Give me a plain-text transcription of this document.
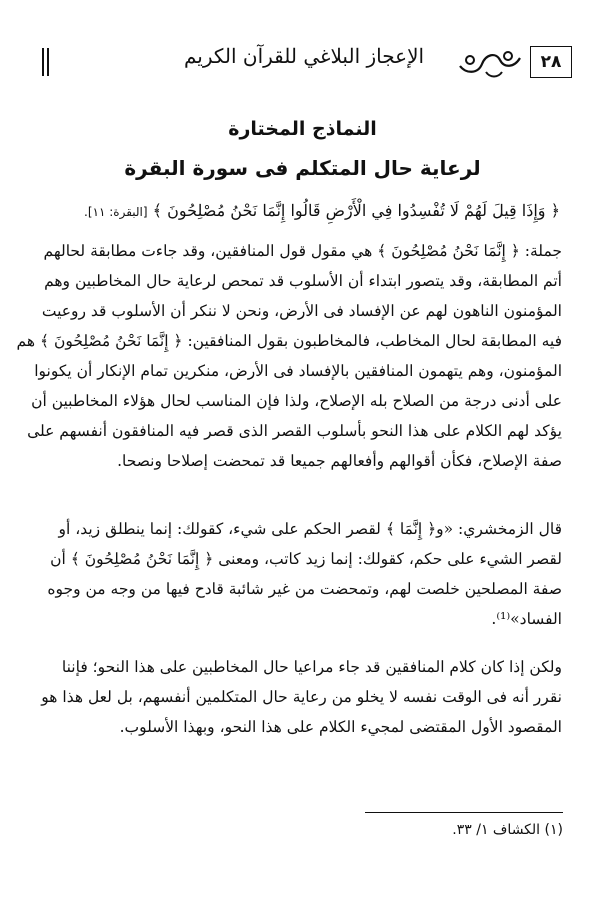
الإعجاز البلاغي للقرآن الكريم	٢٨
النماذج المختارة
لرعاية حال المتكلم فى سورة البقرة
﴿ وَإِذَا قِيلَ لَهُمْ لَا تُفْسِدُوا فِي الْأَرْضِ قَالُوا إِنَّمَا نَحْنُ مُصْلِحُونَ ﴾ [البقرة: ١١].
جملة: ﴿ إِنَّمَا نَحْنُ مُصْلِحُونَ ﴾ هي مقول قول المنافقين، وقد جاءت مطابقة لحالهم
أتم المطابقة، وقد يتصور ابتداء أن الأسلوب قد تمحص لرعاية حال المخاطبين وهم
المؤمنون الناهون لهم عن الإفساد فى الأرض، ونحن لا ننكر أن الأسلوب قد روعيت
فيه المطابقة لحال المخاطب، فالمخاطبون بقول المنافقين: ﴿ إِنَّمَا نَحْنُ مُصْلِحُونَ ﴾ هم
المؤمنون، وهم يتهمون المنافقين بالإفساد فى الأرض، منكرين تمام الإنكار أن يكونوا
على أدنى درجة من الصلاح بله الإصلاح، ولذا فإن المناسب لحال هؤلاء المخاطبين أن
يؤكد لهم الكلام على هذا النحو بأسلوب القصر الذى قصر فيه المنافقون أنفسهم على
صفة الإصلاح، فكأن أقوالهم وأفعالهم جميعا قد تمحضت إصلاحا ونصحا.
قال الزمخشري: «و﴿ إِنَّمَا ﴾ لقصر الحكم على شيء، كقولك: إنما ينطلق زيد، أو
لقصر الشيء على حكم، كقولك: إنما زيد كاتب، ومعنى ﴿ إِنَّمَا نَحْنُ مُصْلِحُونَ ﴾ أن
صفة المصلحين خلصت لهم، وتمحضت من غير شائبة قادح فيها من وجه من وجوه
الفساد»⁽¹⁾.
ولكن إذا كان كلام المنافقين قد جاء مراعيا حال المخاطبين على هذا النحو؛ فإننا
نقرر أنه فى الوقت نفسه لا يخلو من رعاية حال المتكلمين أنفسهم، بل لعل هذا هو
المقصود الأول المقتضى لمجيء الكلام على هذا النحو، وبهذا الأسلوب.
(١) الكشاف ١/ ٣٣.
